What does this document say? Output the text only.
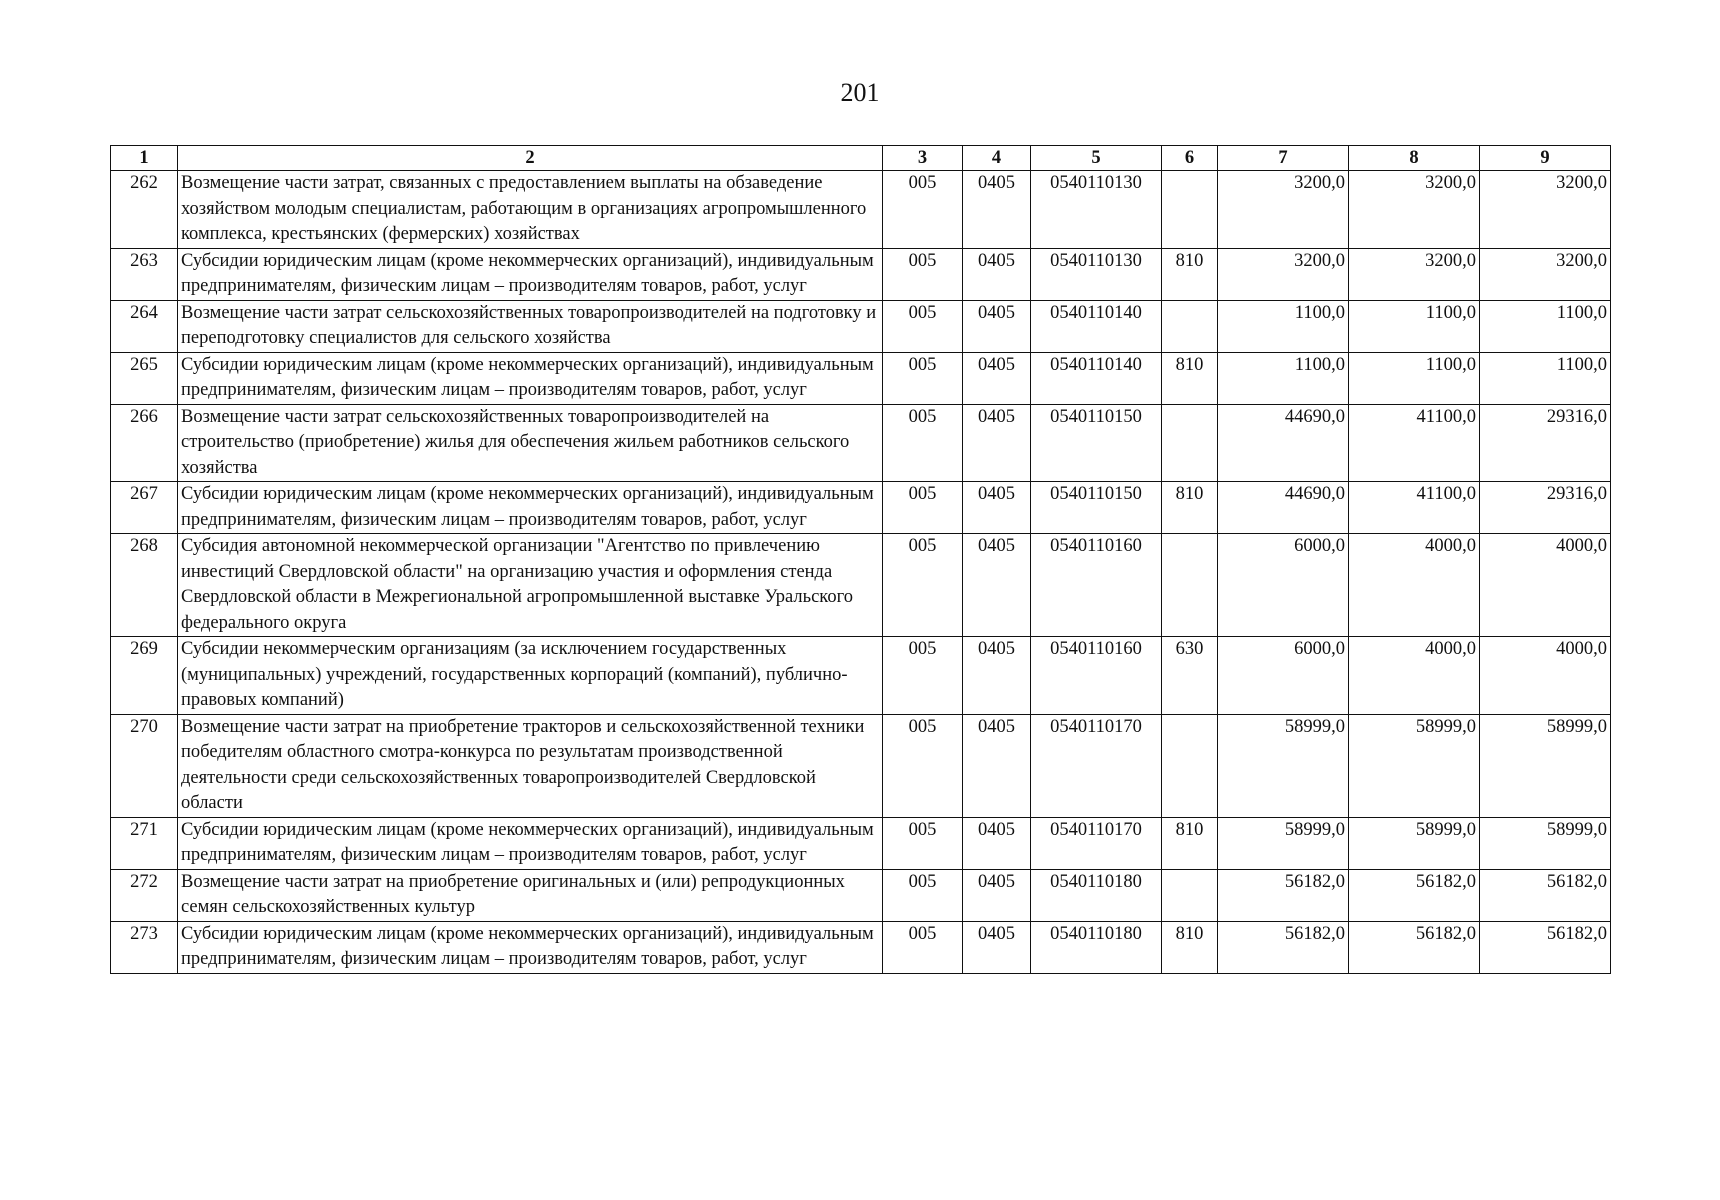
201
1	2	3	4	5	6	7	8	9
262	Возмещение части затрат, связанных с предоставлением выплаты на обзаведение хозяйством молодым специалистам, работающим в организациях агропромышленного комплекса, крестьянских (фермерских) хозяйствах	005	0405	0540110130		3200,0	3200,0	3200,0
263	Субсидии юридическим лицам (кроме некоммерческих организаций), индивидуальным предпринимателям, физическим лицам – производителям товаров, работ, услуг	005	0405	0540110130	810	3200,0	3200,0	3200,0
264	Возмещение части затрат сельскохозяйственных товаропроизводителей на подготовку и переподготовку специалистов для сельского хозяйства	005	0405	0540110140		1100,0	1100,0	1100,0
265	Субсидии юридическим лицам (кроме некоммерческих организаций), индивидуальным предпринимателям, физическим лицам – производителям товаров, работ, услуг	005	0405	0540110140	810	1100,0	1100,0	1100,0
266	Возмещение части затрат сельскохозяйственных товаропроизводителей на строительство (приобретение) жилья для обеспечения жильем работников сельского хозяйства	005	0405	0540110150		44690,0	41100,0	29316,0
267	Субсидии юридическим лицам (кроме некоммерческих организаций), индивидуальным предпринимателям, физическим лицам – производителям товаров, работ, услуг	005	0405	0540110150	810	44690,0	41100,0	29316,0
268	Субсидия автономной некоммерческой организации "Агентство по привлечению инвестиций Свердловской области" на организацию участия и оформления стенда Свердловской области в Межрегиональной агропромышленной выставке Уральского федерального округа	005	0405	0540110160		6000,0	4000,0	4000,0
269	Субсидии некоммерческим организациям (за исключением государственных (муниципальных) учреждений, государственных корпораций (компаний), публично-правовых компаний)	005	0405	0540110160	630	6000,0	4000,0	4000,0
270	Возмещение части затрат на приобретение тракторов и сельскохозяйственной техники победителям областного смотра-конкурса по результатам производственной деятельности среди сельскохозяйственных товаропроизводителей Свердловской области	005	0405	0540110170		58999,0	58999,0	58999,0
271	Субсидии юридическим лицам (кроме некоммерческих организаций), индивидуальным предпринимателям, физическим лицам – производителям товаров, работ, услуг	005	0405	0540110170	810	58999,0	58999,0	58999,0
272	Возмещение части затрат на приобретение оригинальных и (или) репродукционных семян сельскохозяйственных культур	005	0405	0540110180		56182,0	56182,0	56182,0
273	Субсидии юридическим лицам (кроме некоммерческих организаций), индивидуальным предпринимателям, физическим лицам – производителям товаров, работ, услуг	005	0405	0540110180	810	56182,0	56182,0	56182,0
